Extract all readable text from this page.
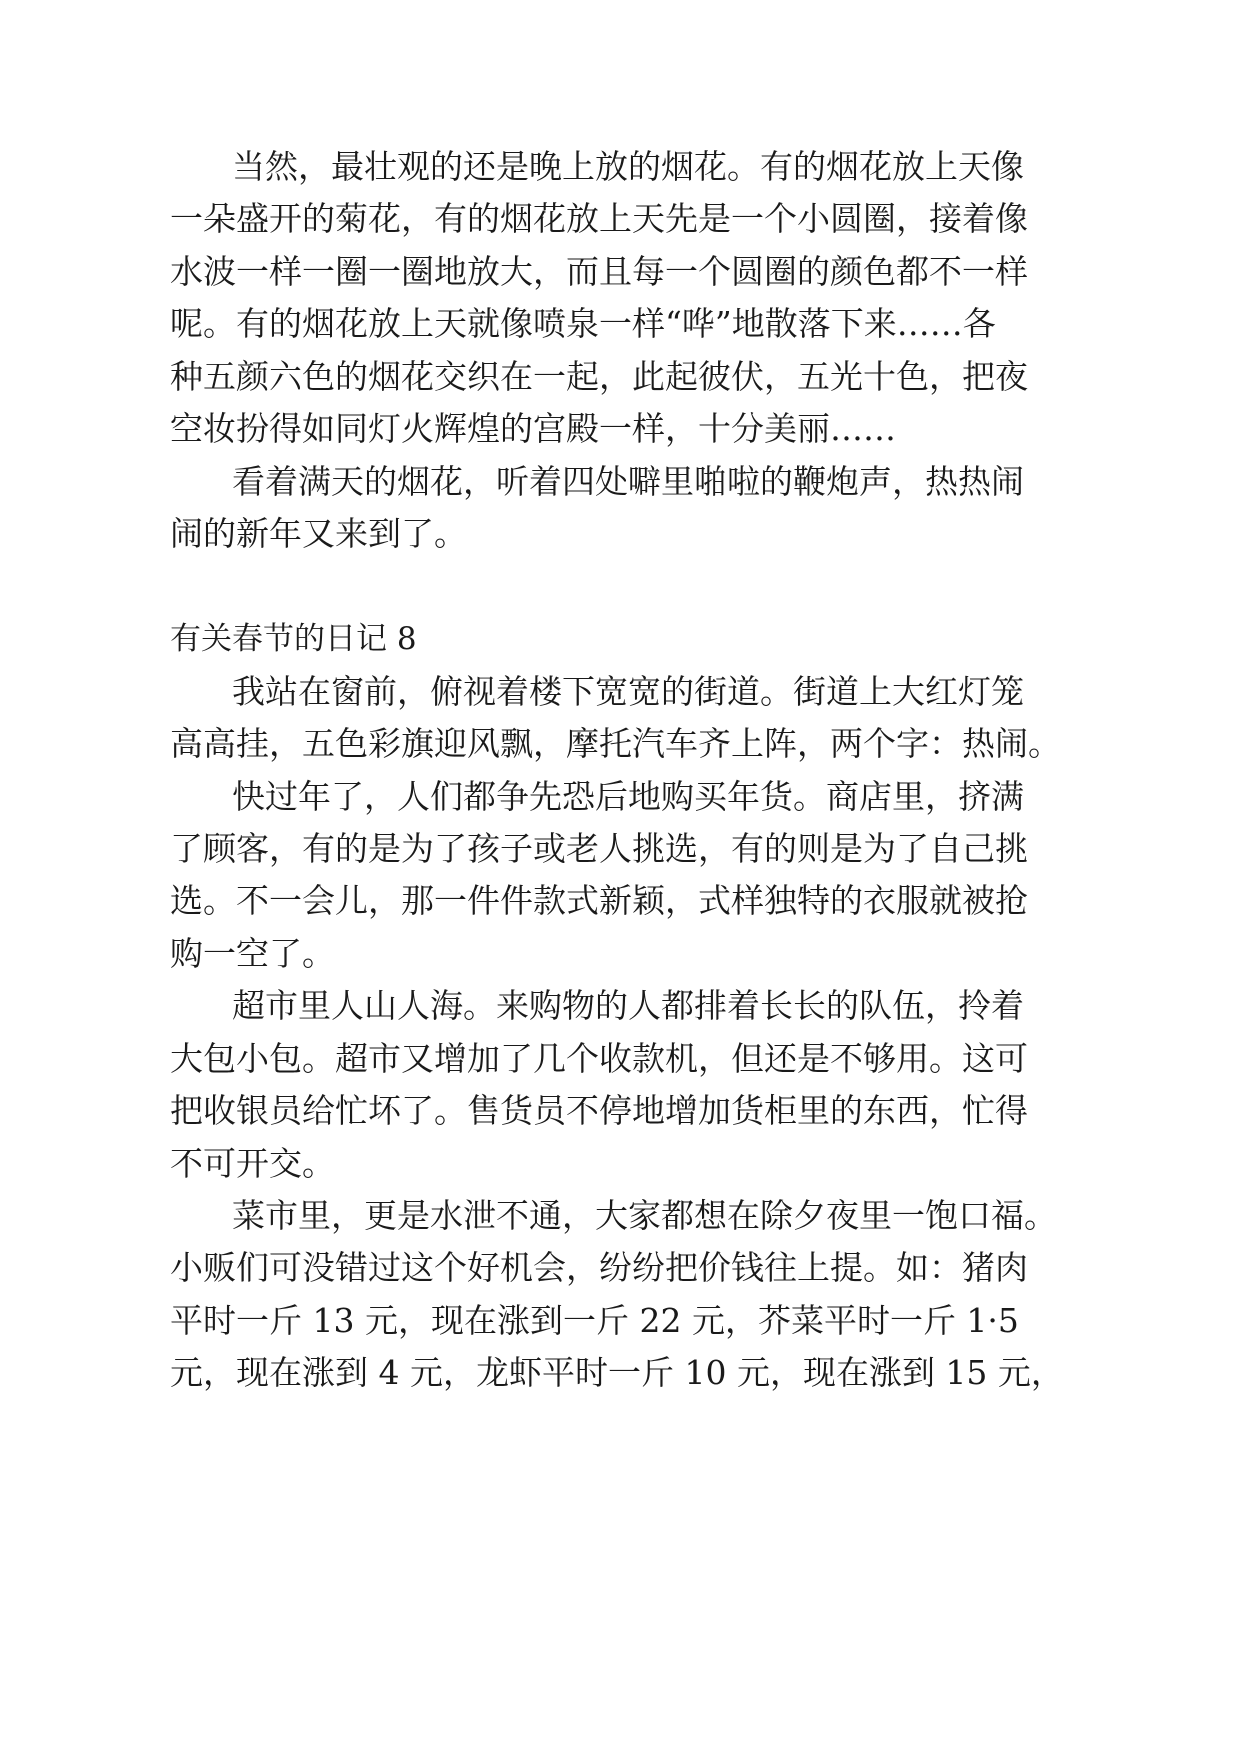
当然，最壮观的还是晚上放的烟花。有的烟花放上天像
一朵盛开的菊花，有的烟花放上天先是一个小圆圈，接着像
水波一样一圈一圈地放大，而且每一个圆圈的颜色都不一样
呢。有的烟花放上天就像喷泉一样“哗”地散落下来……各
种五颜六色的烟花交织在一起，此起彼伏，五光十色，把夜
空妆扮得如同灯火辉煌的宫殿一样，十分美丽……
看着满天的烟花，听着四处噼里啪啦的鞭炮声，热热闹
闹的新年又来到了。
有关春节的日记 8
我站在窗前，俯视着楼下宽宽的街道。街道上大红灯笼
高高挂，五色彩旗迎风飘，摩托汽车齐上阵，两个字：热闹。
快过年了，人们都争先恐后地购买年货。商店里，挤满
了顾客，有的是为了孩子或老人挑选，有的则是为了自己挑
选。不一会儿，那一件件款式新颖，式样独特的衣服就被抢
购一空了。
超市里人山人海。来购物的人都排着长长的队伍，拎着
大包小包。超市又增加了几个收款机，但还是不够用。这可
把收银员给忙坏了。售货员不停地增加货柜里的东西，忙得
不可开交。
菜市里，更是水泄不通，大家都想在除夕夜里一饱口福。
小贩们可没错过这个好机会，纷纷把价钱往上提。如：猪肉
平时一斤 13 元，现在涨到一斤 22 元，芥菜平时一斤 1·5
元，现在涨到 4 元，龙虾平时一斤 10 元，现在涨到 15 元，
